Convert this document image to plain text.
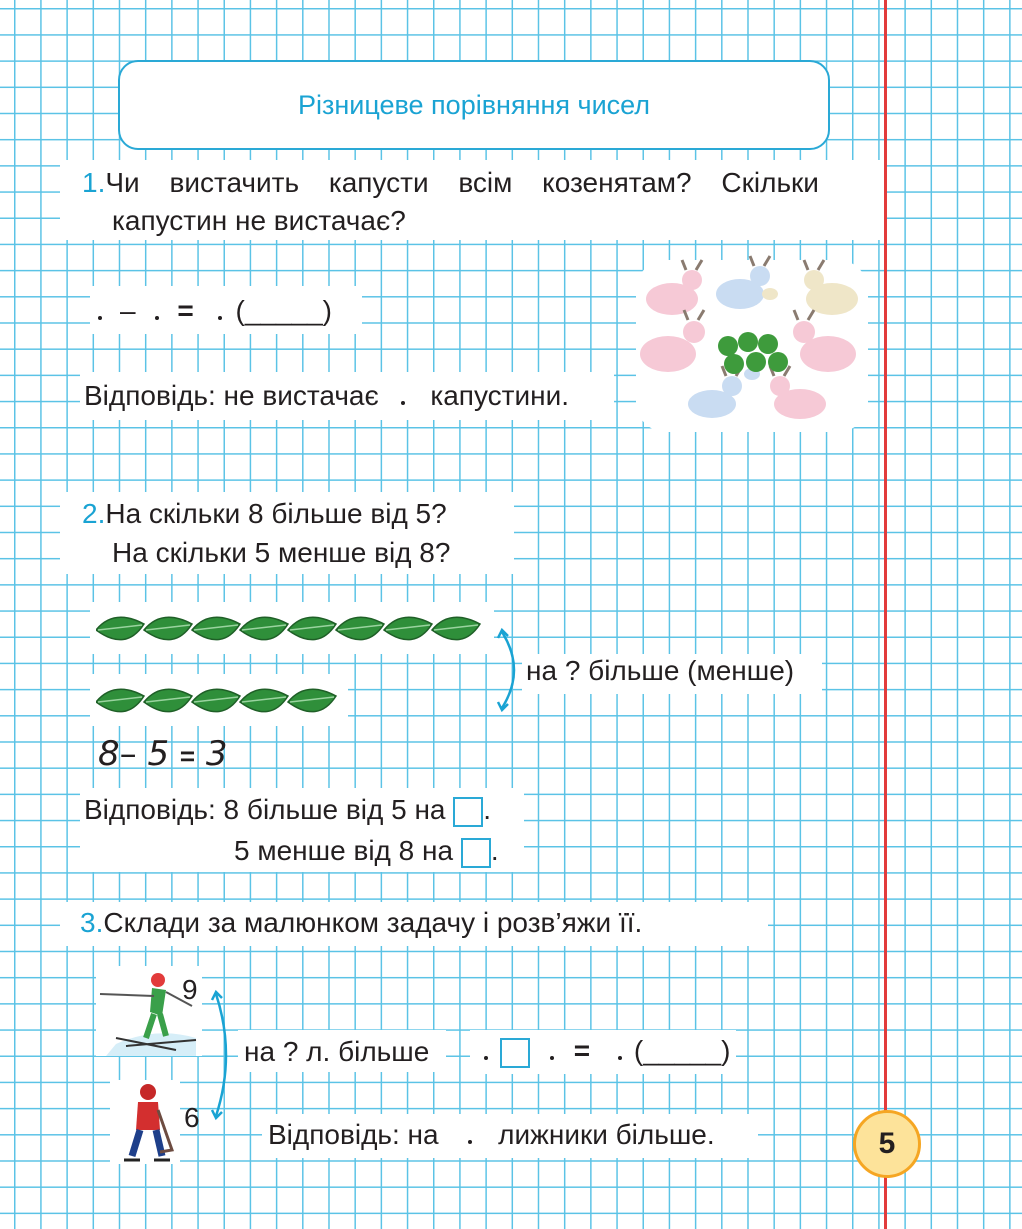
Різницеве порівняння чисел
1.Чи вистачить капусти всім козенятам? Скільки
капустин не вистачає?
– = (_____)
Відповідь: не вистачає капустини.
2.На скільки 8 більше від 5?
На скільки 5 менше від 8?
на ? більше (менше)
8– 5 = 3
Відповідь: 8 більше від 5 на .
5 менше від 8 на .
3.Склади за малюнком задачу і розв’яжи її.
9
на ? л. більше	= (_____)
6
Відповідь: на лижники більше.	5
